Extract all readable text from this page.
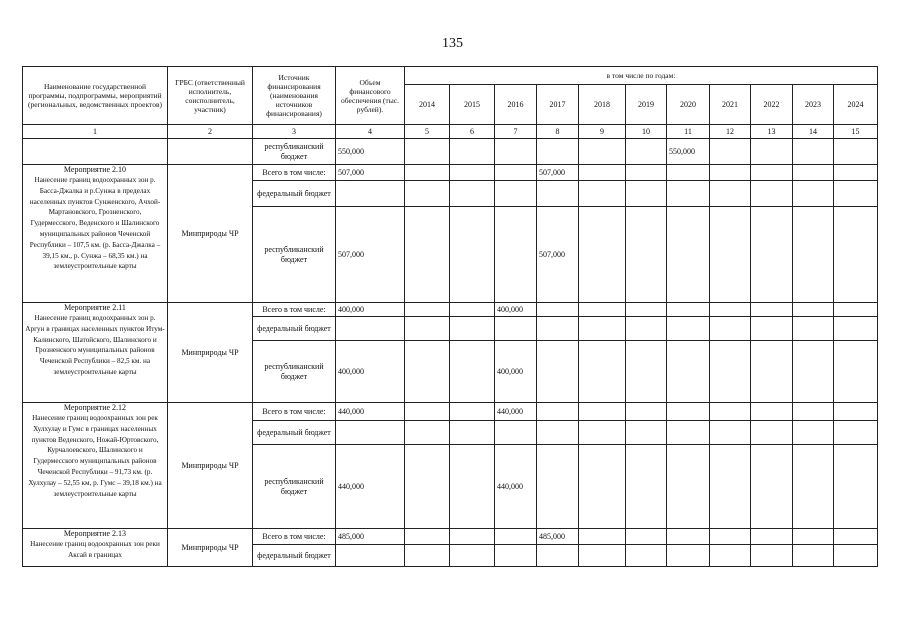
135
Наименование государственной программы, подпрограммы, мероприятий (региональных, ведомственных проектов)	ГРБС (ответственный исполнитель, соисполнитель, участник)	Источник финансирования (наименования источников финансирования)	Объем финансового обеспечения (тыс. рублей).	в том числе по годам:										
				2014	2015	2016	2017	2018	2019	2020	2021	2022	2023	2024
1	2	3	4	5	6	7	8	9	10	11	12	13	14	15
		республиканский бюджет	550,000							550,000				

Мероприятие 2.10
Нанесение границ водоохранных зон р. Басса-Джалка и р.Сунжа в пределах населенных пунктов Сунженского, Ачхой-Мартановского, Грозненского, Гудермесского, Веденского и Шалинского муниципальных районов Чеченской Республики – 107,5 км. (р. Басса-Джалка – 39,15 км., р. Сунжа – 68,35 км.) на землеустроительные карты	Минприроды ЧР	Всего в том числе:	507,000				507,000							
		федеральный бюджет												
		республиканский бюджет	507,000				507,000							

Мероприятие 2.11
Нанесение границ водоохранных зон р. Аргун в границах населенных пунктов Итум-Калинского, Шатойского, Шалинского и Грозненского муниципальных районов Чеченской Республики – 82,5 км. на землеустроительные карты	Минприроды ЧР	Всего в том числе:	400,000			400,000								
		федеральный бюджет												
		республиканский бюджет	400,000			400,000								

Мероприятие 2.12
Нанесение границ водоохранных зон рек Хулхулау и Гумс в границах населенных пунктов Веденского, Ножай-Юртовского, Курчалоевского, Шалинского и Гудермесского муниципальных районов Чеченской Республики – 91,73 км. (р. Хулхулау – 52,55 км, р. Гумс – 39,18 км.) на землеустроительные карты	Минприроды ЧР	Всего в том числе:	440,000			440,000								
		федеральный бюджет												
		республиканский бюджет	440,000			440,000								

Мероприятие 2.13
Нанесение границ водоохранных зон реки Аксай в границах	Минприроды ЧР	Всего в том числе:	485,000				485,000							
		федеральный бюджет												
